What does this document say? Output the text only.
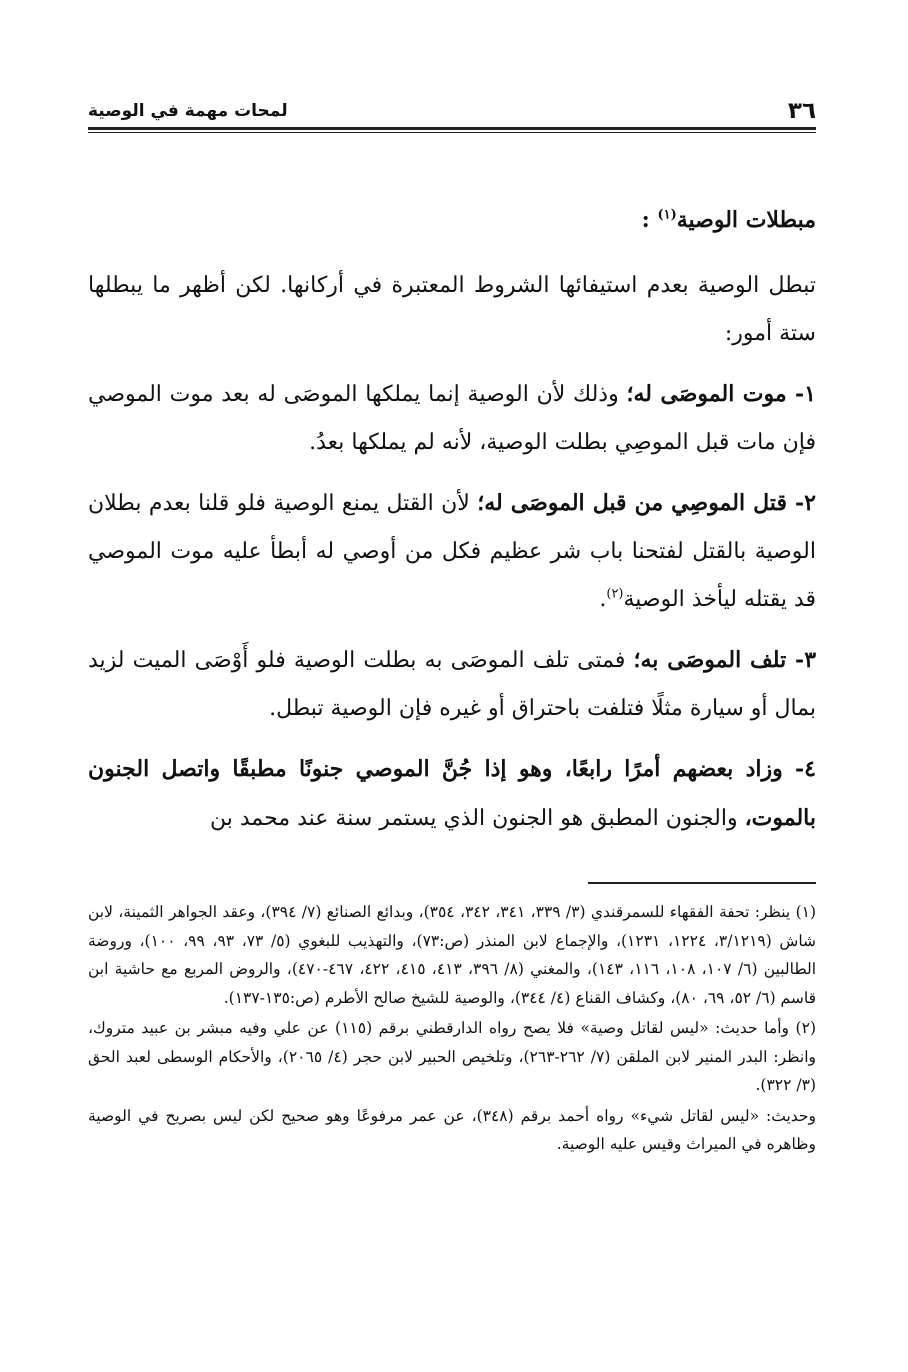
٣٦
لمحات مهمة في الوصية
مبطلات الوصية$^{(١)}$ :

تبطل الوصية بعدم استيفائها الشروط المعتبرة في أركانها. لكن أظهر ما يبطلها ستة أمور:

١- موت الموصَى له؛ وذلك لأن الوصية إنما يملكها الموصَى له بعد موت الموصي فإن مات قبل الموصِي بطلت الوصية، لأنه لم يملكها بعدُ.

٢- قتل الموصِي من قبل الموصَى له؛ لأن القتل يمنع الوصية فلو قلنا بعدم بطلان الوصية بالقتل لفتحنا باب شر عظيم فكل من أوصي له أبطأ عليه موت الموصي قد يقتله ليأخذ الوصية$^{(٢)}$.

٣- تلف الموصَى به؛ فمتى تلف الموصَى به بطلت الوصية فلو أَوْصَى الميت لزيد بمال أو سيارة مثلًا فتلفت باحتراق أو غيره فإن الوصية تبطل.

٤- وزاد بعضهم أمرًا رابعًا، وهو إذا جُنَّ الموصي جنونًا مطبقًا واتصل الجنون بالموت، والجنون المطبق هو الجنون الذي يستمر سنة عند محمد بن

(١) ينظر: تحفة الفقهاء للسمرقندي (٣/ ٣٣٩، ٣٤١، ٣٤٢، ٣٥٤)، وبدائع الصنائع (٧/ ٣٩٤)، وعقد الجواهر الثمينة، لابن شاش (٣/١٢١٩، ١٢٢٤، ١٢٣١)، والإجماع لابن المنذر (ص:٧٣)، والتهذيب للبغوي (٥/ ٧٣، ٩٣، ٩٩، ١٠٠)، وروضة الطالبين (٦/ ١٠٧، ١٠٨، ١١٦، ١٤٣)، والمغني (٨/ ٣٩٦، ٤١٣، ٤١٥، ٤٢٢، ٤٦٧-٤٧٠)، والروض المربع مع حاشية ابن قاسم (٦/ ٥٢، ٦٩، ٨٠)، وكشاف القناع (٤/ ٣٤٤)، والوصية للشيخ صالح الأطرم (ص:١٣٥-١٣٧).

(٢) وأما حديث: «ليس لقاتل وصية» فلا يصح رواه الدارقطني برقم (١١٥) عن علي وفيه مبشر بن عبيد متروك، وانظر: البدر المنير لابن الملقن (٧/ ٢٦٢-٢٦٣)، وتلخيص الحبير لابن حجر (٤/ ٢٠٦٥)، والأحكام الوسطى لعبد الحق (٣/ ٣٢٢).

وحديث: «ليس لقاتل شيء» رواه أحمد برقم (٣٤٨)، عن عمر مرفوعًا وهو صحيح لكن ليس بصريح في الوصية وظاهره في الميراث وقيس عليه الوصية.
